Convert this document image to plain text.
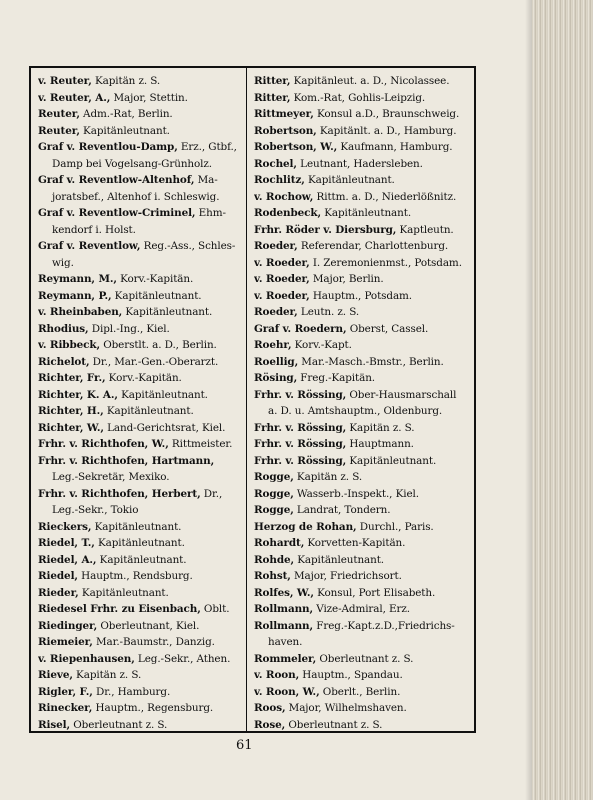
v. Reuter, Kapitän z. S.
v. Reuter, A., Major, Stettin.
Reuter, Adm.-Rat, Berlin.
Reuter, Kapitänleutnant.
Graf v. Reventlou-Damp, Erz., Gtbf.,
Damp bei Vogelsang-Grünholz.
Graf v. Reventlow-Altenhof, Ma-
joratsbef., Altenhof i. Schleswig.
Graf v. Reventlow-Criminel, Ehm-
kendorf i. Holst.
Graf v. Reventlow, Reg.-Ass., Schles-
wig.
Reymann, M., Korv.-Kapitän.
Reymann, P., Kapitänleutnant.
v. Rheinbaben, Kapitänleutnant.
Rhodius, Dipl.-Ing., Kiel.
v. Ribbeck, Oberstlt. a. D., Berlin.
Richelot, Dr., Mar.-Gen.-Oberarzt.
Richter, Fr., Korv.-Kapitän.
Richter, K. A., Kapitänleutnant.
Richter, H., Kapitänleutnant.
Richter, W., Land-Gerichtsrat, Kiel.
Frhr. v. Richthofen, W., Rittmeister.
Frhr. v. Richthofen, Hartmann,
Leg.-Sekretär, Mexiko.
Frhr. v. Richthofen, Herbert, Dr.,
Leg.-Sekr., Tokio
Rieckers, Kapitänleutnant.
Riedel, T., Kapitänleutnant.
Riedel, A., Kapitänleutnant.
Riedel, Hauptm., Rendsburg.
Rieder, Kapitänleutnant.
Riedesel Frhr. zu Eisenbach, Oblt.
Riedinger, Oberleutnant, Kiel.
Riemeier, Mar.-Baumstr., Danzig.
v. Riepenhausen, Leg.-Sekr., Athen.
Rieve, Kapitän z. S.
Rigler, F., Dr., Hamburg.
Rinecker, Hauptm., Regensburg.
Risel, Oberleutnant z. S.
Ritter, Kapitänleut. a. D., Nicolassee.
Ritter, Kom.-Rat, Gohlis-Leipzig.
Rittmeyer, Konsul a.D., Braunschweig.
Robertson, Kapitänlt. a. D., Hamburg.
Robertson, W., Kaufmann, Hamburg.
Rochel, Leutnant, Hadersleben.
Rochlitz, Kapitänleutnant.
v. Rochow, Rittm. a. D., Niederlößnitz.
Rodenbeck, Kapitänleutnant.
Frhr. Röder v. Diersburg, Kaptleutn.
Roeder, Referendar, Charlottenburg.
v. Roeder, I. Zeremonienmst., Potsdam.
v. Roeder, Major, Berlin.
v. Roeder, Hauptm., Potsdam.
Roeder, Leutn. z. S.
Graf v. Roedern, Oberst, Cassel.
Roehr, Korv.-Kapt.
Roellig, Mar.-Masch.-Bmstr., Berlin.
Rösing, Freg.-Kapitän.
Frhr. v. Rössing, Ober-Hausmarschall
a. D. u. Amtshauptm., Oldenburg.
Frhr. v. Rössing, Kapitän z. S.
Frhr. v. Rössing, Hauptmann.
Frhr. v. Rössing, Kapitänleutnant.
Rogge, Kapitän z. S.
Rogge, Wasserb.-Inspekt., Kiel.
Rogge, Landrat, Tondern.
Herzog de Rohan, Durchl., Paris.
Rohardt, Korvetten-Kapitän.
Rohde, Kapitänleutnant.
Rohst, Major, Friedrichsort.
Rolfes, W., Konsul, Port Elisabeth.
Rollmann, Vize-Admiral, Erz.
Rollmann, Freg.-Kapt.z.D.,Friedrichs-
haven.
Rommeler, Oberleutnant z. S.
v. Roon, Hauptm., Spandau.
v. Roon, W., Oberlt., Berlin.
Roos, Major, Wilhelmshaven.
Rose, Oberleutnant z. S.
61
